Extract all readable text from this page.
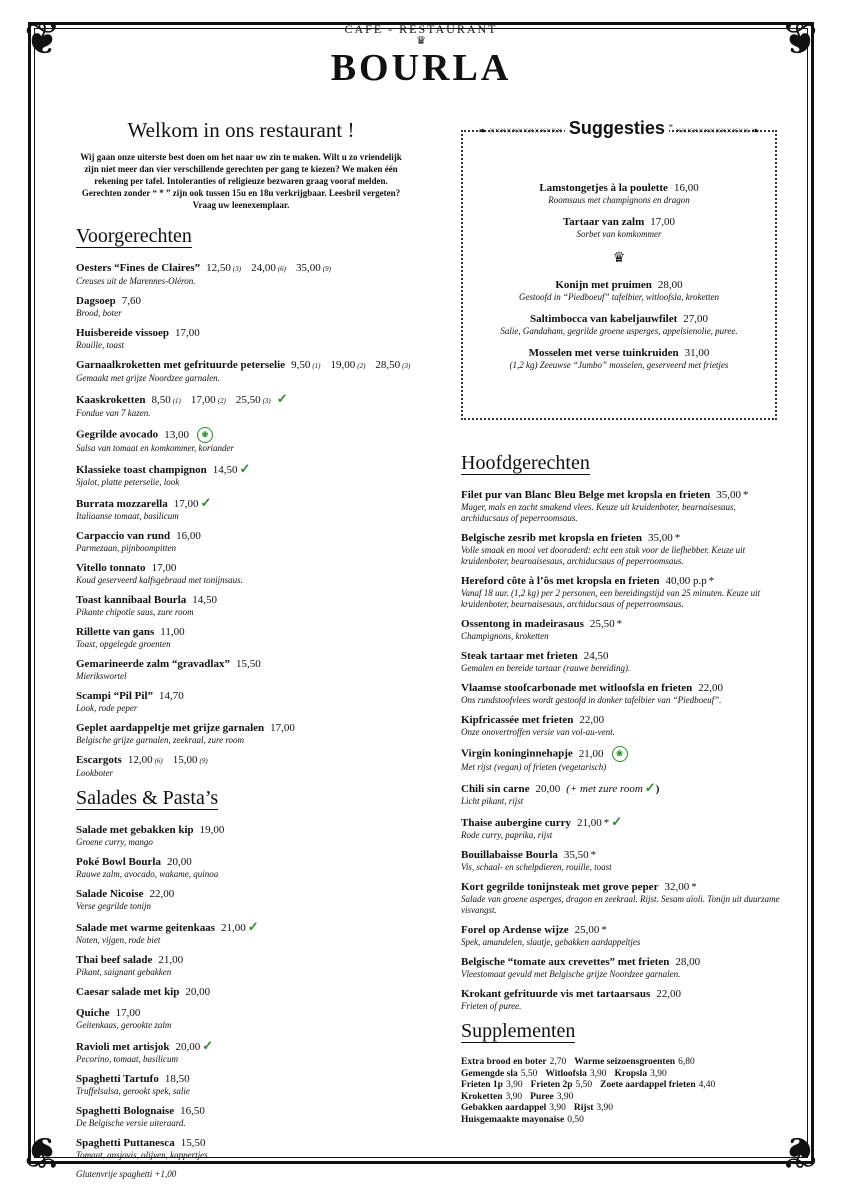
❦	❦
❦	❦
CAFÉ - RESTAURANT
♛
BOURLA
Welkom in ons restaurant !
Wij gaan onze uiterste best doen om het naar uw zin te maken. Wilt u zo vriendelijk zijn niet meer dan vier verschillende gerechten per gang te kiezen? We maken één rekening per tafel. Intoleranties of religieuze bezwaren graag vooraf melden. Gerechten zonder “ * ” zijn ook tussen 15u en 18u verkrijgbaar. Leesbril vergeten? Vraag uw leenexemplaar.
Voorgerechten
Oesters “Fines de Claires” 12,50 (3) 24,00 (6) 35,00 (9)
Creuses uit de Marennes-Oléron.
Dagsoep 7,60
Brood, boter
Huisbereide vissoep 17,00
Rouille, toast
Garnaalkroketten met gefrituurde peterselie 9,50 (1) 19,00 (2) 28,50 (3)
Gemaakt met grijze Noordzee garnalen.
Kaaskroketten 8,50 (1) 17,00 (2) 25,50 (3) ✓
Fondue van 7 kazen.
Gegrilde avocado 13,00 ❀
Salsa van tomaat en komkommer, koriander
Klassieke toast champignon 14,50 ✓
Sjalot, platte peterselie, look
Burrata mozzarella 17,00 ✓
Italiaanse tomaat, basilicum
Carpaccio van rund 16,00
Parmezaan, pijnboompitten
Vitello tonnato 17,00
Koud geserveerd kalfsgebraad met tonijnsaus.
Toast kannibaal Bourla 14,50
Pikante chipotle saus, zure room
Rillette van gans 11,00
Toast, opgelegde groenten
Gemarineerde zalm “gravadlax” 15,50
Mierikswortel
Scampi “Pil Pil” 14,70
Look, rode peper
Geplet aardappeltje met grijze garnalen 17,00
Belgische grijze garnalen, zeekraal, zure room
Escargots 12,00 (6) 15,00 (9)
Lookboter
Salades & Pasta’s
Salade met gebakken kip 19,00
Groene curry, mango
Poké Bowl Bourla 20,00
Rauwe zalm, avocado, wakame, quinoa
Salade Nicoise 22,00
Verse gegrilde tonijn
Salade met warme geitenkaas 21,00 ✓
Noten, vijgen, rode biet
Thai beef salade 21,00
Pikant, saignant gebakken
Caesar salade met kip 20,00
Quiche 17,00
Geitenkaas, gerookte zalm
Ravioli met artisjok 20,00 ✓
Pecorino, tomaat, basilicum
Spaghetti Tartufo 18,50
Truffelsalsa, gerookt spek, salie
Spaghetti Bolognaise 16,50
De Belgische versie uiteraard.
Spaghetti Puttanesca 15,50
Tomaat, ansjovis, olijven, kappertjes
Glutenvrije spaghetti +1,00
❧ ××××××××××××× Suggesties * ××××××××××××× ❧
Lamstongetjes à la poulette 16,00
Roomsaus met champignons en dragon
Tartaar van zalm 17,00
Sorbet van komkommer
♛
Konijn met pruimen 28,00
Gestoofd in “Piedboeuf” tafelbier, witloofsla, kroketten
Saltimbocca van kabeljauwfilet 27,00
Salie, Gandaham, gegrilde groene asperges, appelsienolie, puree.
Mosselen met verse tuinkruiden 31,00
(1,2 kg) Zeeuwse “Jumbo” mosselen, geserveerd met frietjes
Hoofdgerechten
Filet pur van Blanc Bleu Belge met kropsla en frieten 35,00 *
Mager, mals en zacht smakend vlees. Keuze uit kruidenboter, bearnaisesaus, archiducsaus of peperroomsaus.
Belgische zesrib met kropsla en frieten 35,00 *
Volle smaak en mooi vet dooraderd: echt een stuk voor de liefhebber. Keuze uit kruidenboter, bearnaisesaus, archiducsaus of peperroomsaus.
Hereford côte à l’ôs met kropsla en frieten 40,00 p.p *
Vanaf 18 uur. (1,2 kg) per 2 personen, een bereidingstijd van 25 minuten. Keuze uit kruidenboter, bearnaisesaus, archiducsaus of peperroomsaus.
Ossentong in madeirasaus 25,50 *
Champignons, kroketten
Steak tartaar met frieten 24,50
Gemalen en bereide tartaar (rauwe bereiding).
Vlaamse stoofcarbonade met witloofsla en frieten 22,00
Ons rundstoofvlees wordt gestoofd in donker tafelbier van “Piedboeuf”.
Kipfricassée met frieten 22,00
Onze onovertroffen versie van vol-au-vent.
Virgin koninginnehapje 21,00 ❀
Met rijst (vegan) of frieten (vegetarisch)
Chili sin carne 20,00 (+ met zure room ✓)
Licht pikant, rijst
Thaise aubergine curry 21,00 * ✓
Rode curry, paprika, rijst
Bouillabaisse Bourla 35,50 *
Vis, schaal- en schelpdieren, rouille, toast
Kort gegrilde tonijnsteak met grove peper 32,00 *
Salade van groene asperges, dragon en zeekraal. Rijst. Sesam aïoli. Tonijn uit duurzame visvangst.
Forel op Ardense wijze 25,00 *
Spek, amandelen, slaatje, gebakken aardappeltjes
Belgische “tomate aux crevettes” met frieten 28,00
Vleestomaat gevuld met Belgische grijze Noordzee garnalen.
Krokant gefrituurde vis met tartaarsaus 22,00
Frieten of puree.
Supplementen
Extra brood en boter 2,70 Warme seizoensgroenten 6,80
Gemengde sla 5,50 Witloofsla 3,90 Kropsla 3,90
Frieten 1p 3,90 Frieten 2p 5,50 Zoete aardappel frieten 4,40
Kroketten 3,90 Puree 3,90
Gebakken aardappel 3,90 Rijst 3,90
Huisgemaakte mayonaise 0,50
